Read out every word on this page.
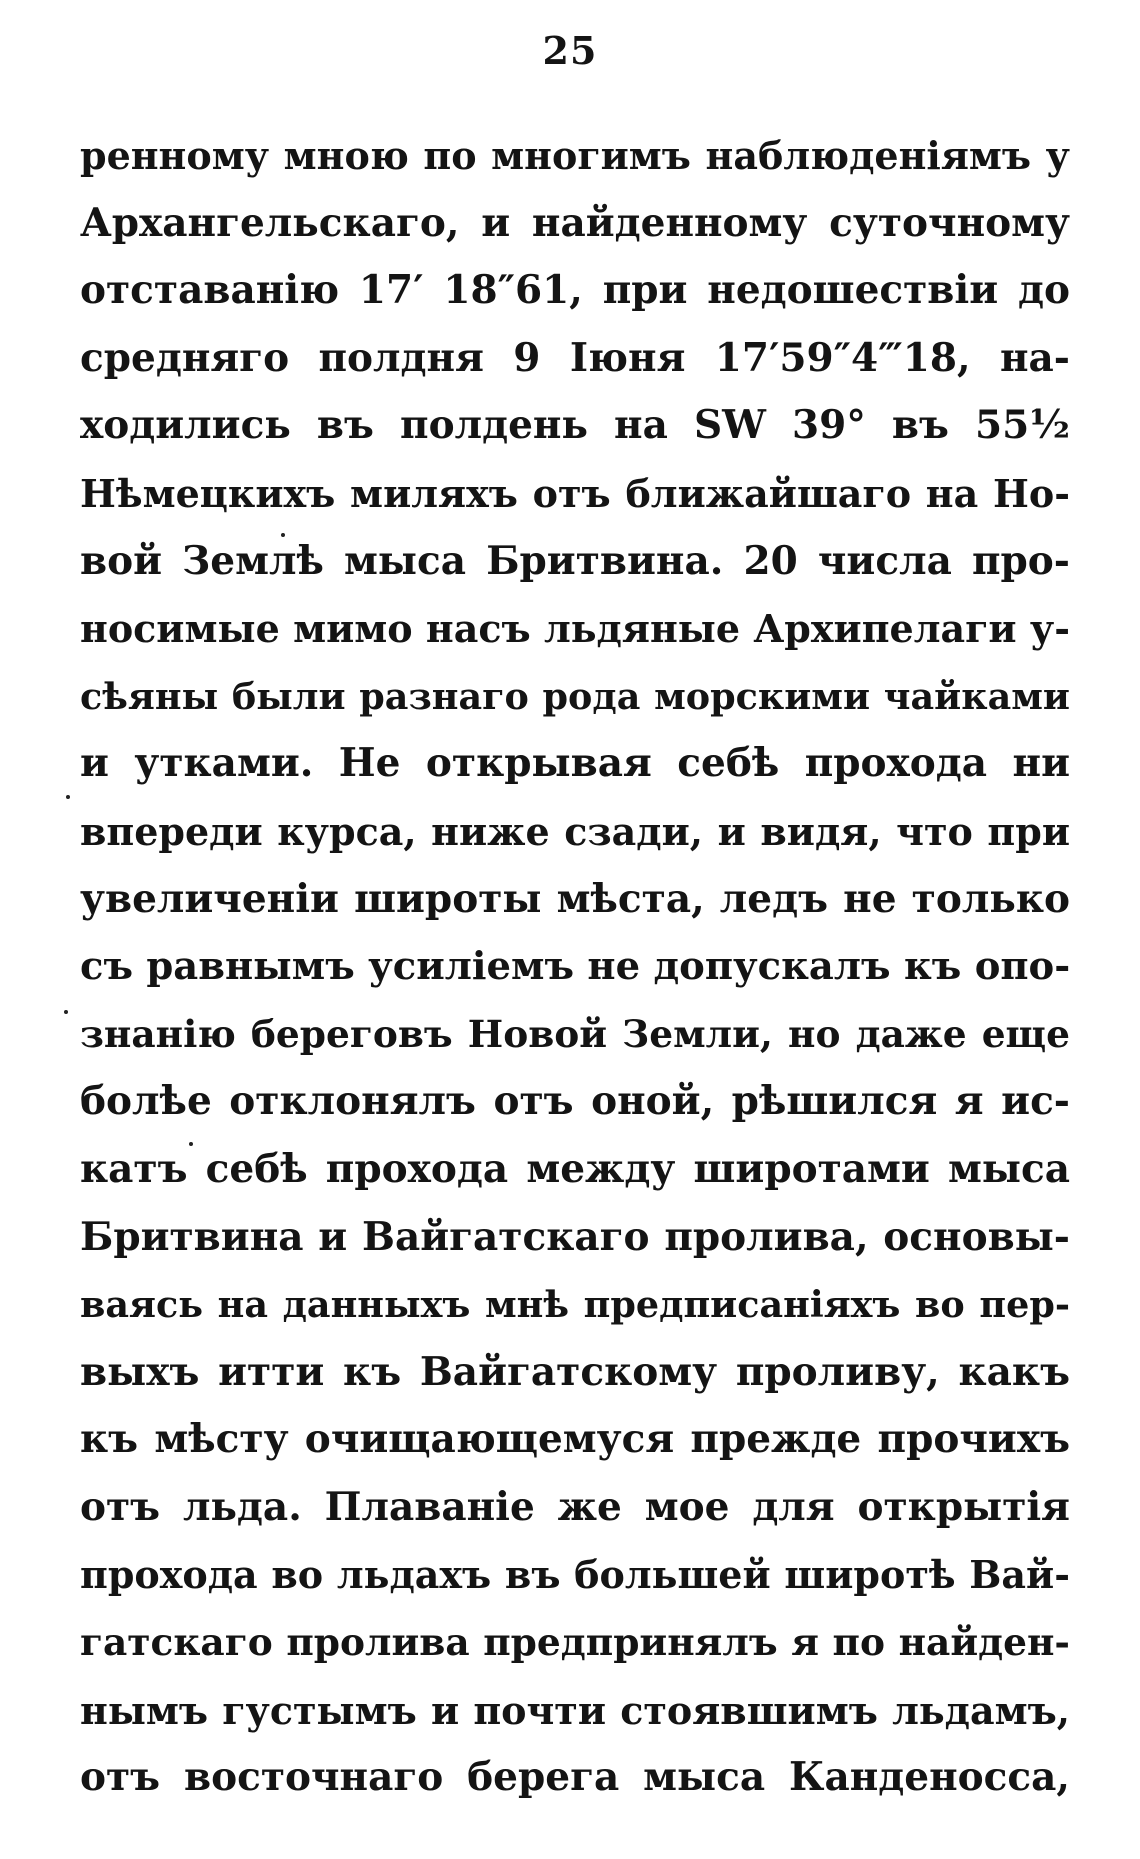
25
ренному мною по многимъ наблюденiямъ у
Архангельскаго, и найденному суточному
отставанiю 17′ 18″61, при недошествiи до
средняго полдня 9 Iюня 17′59″4‴18, на-
ходились въ полдень на SW 39° въ 55½
Нѣмецкихъ миляхъ отъ ближайшаго на Но-
вой Землѣ мыса Бритвина. 20 числа про-
носимые мимо насъ льдяные Архипелаги у-
сѣяны были разнаго рода морскими чайками
и утками. Не открывая себѣ прохода ни
впереди курса, ниже сзади, и видя, что при
увеличенiи широты мѣста, ледъ не только
съ равнымъ усилiемъ не допускалъ къ опо-
знанiю береговъ Новой Земли, но даже еще
болѣе отклонялъ отъ оной, рѣшился я ис-
катъ себѣ прохода между широтами мыса
Бритвина и Вайгатскаго пролива, основы-
ваясь на данныхъ мнѣ предписанiяхъ во пер-
выхъ итти къ Вайгатскому проливу, какъ
къ мѣсту очищающемуся прежде прочихъ
отъ льда. Плаванiе же мое для открытiя
прохода во льдахъ въ большей широтѣ Вай-
гатскаго пролива предпринялъ я по найден-
нымъ густымъ и почти стоявшимъ льдамъ,
отъ восточнаго берега мыса Канденосса,
